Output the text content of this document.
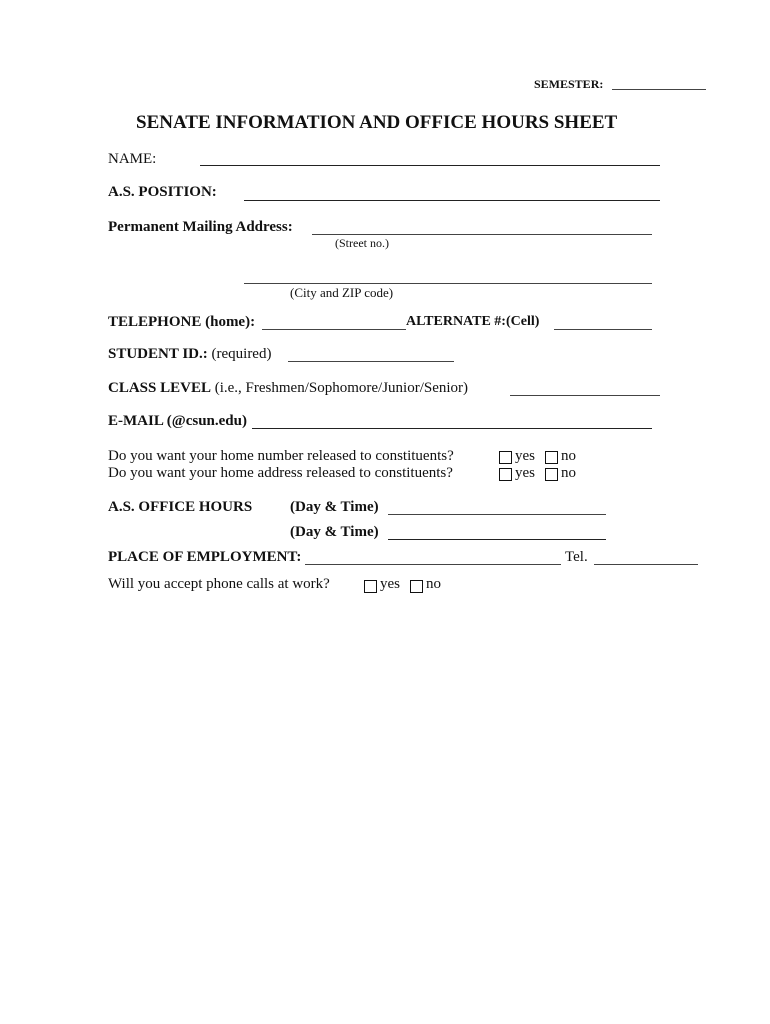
SEMESTER:
SENATE INFORMATION AND OFFICE HOURS SHEET
NAME:
A.S. POSITION:
Permanent Mailing Address:
(Street no.)
(City and ZIP code)
TELEPHONE (home):	ALTERNATE #:(Cell)
STUDENT ID.: (required)
CLASS LEVEL (i.e., Freshmen/Sophomore/Junior/Senior)
E-MAIL (@csun.edu)
Do you want your home number released to constituents?	yes no
Do you want your home address released to constituents?	yes no
A.S. OFFICE HOURS	(Day & Time)
(Day & Time)
PLACE OF EMPLOYMENT:	Tel.
Will you accept phone calls at work?	yes no
